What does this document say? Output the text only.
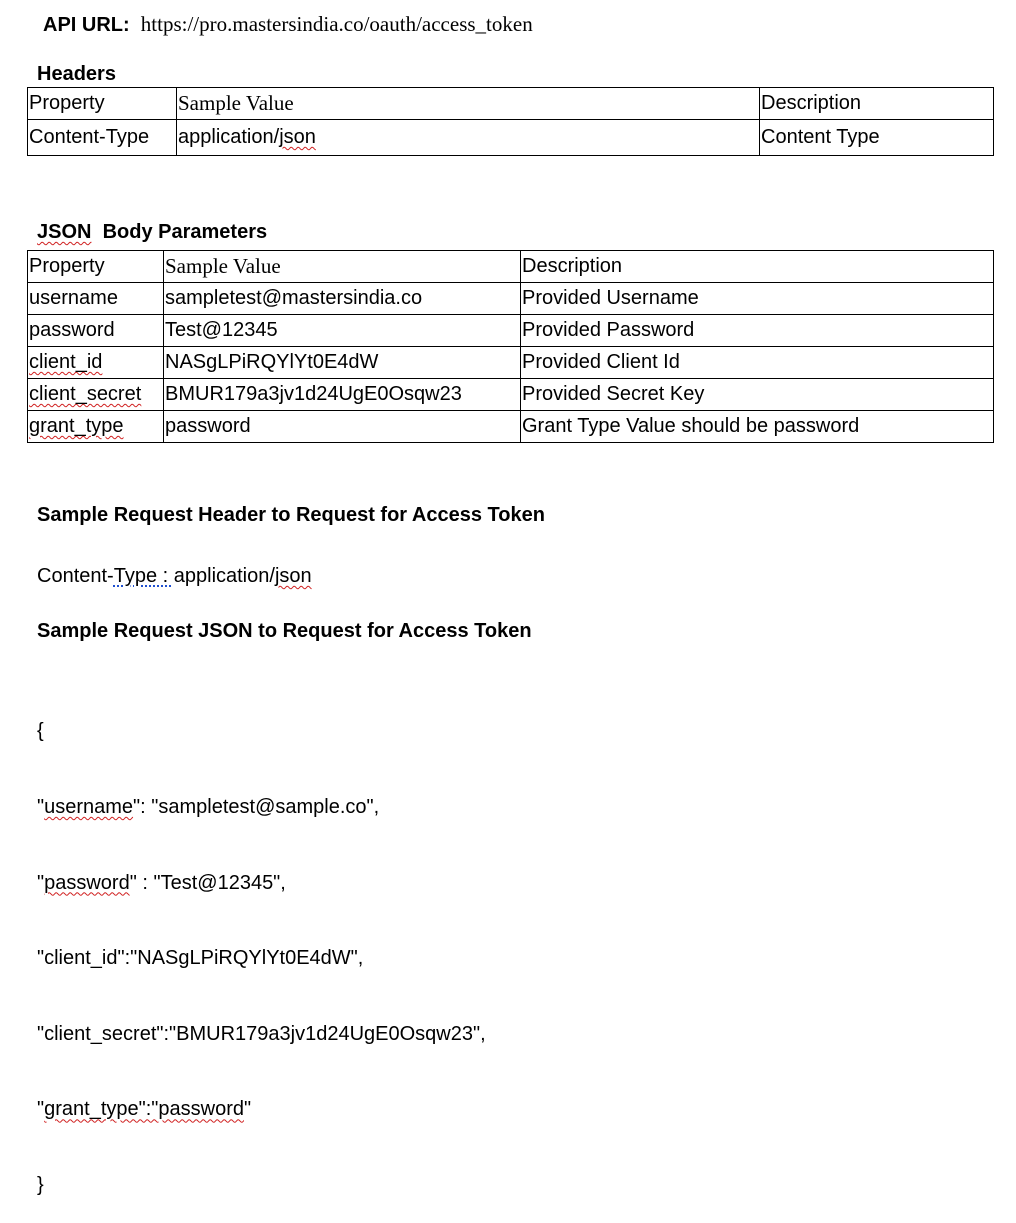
API URL: https://pro.mastersindia.co/oauth/access_token
Headers
Property	Sample Value	Description
Content-Type	application/json	Content Type
JSON Body Parameters
Property	Sample Value	Description
username	sampletest@mastersindia.co	Provided Username
password	Test@12345	Provided Password
client_id	NASgLPiRQYlYt0E4dW	Provided Client Id
client_secret	BMUR179a3jv1d24UgE0Osqw23	Provided Secret Key
grant_type	password	Grant Type Value should be password
Sample Request Header to Request for Access Token
Content-Type : application/json
Sample Request JSON to Request for Access Token

{

"username": "sampletest@sample.co",

"password" : "Test@12345",

"client_id":"NASgLPiRQYlYt0E4dW",

"client_secret":"BMUR179a3jv1d24UgE0Osqw23",

"grant_type":"password"

}
